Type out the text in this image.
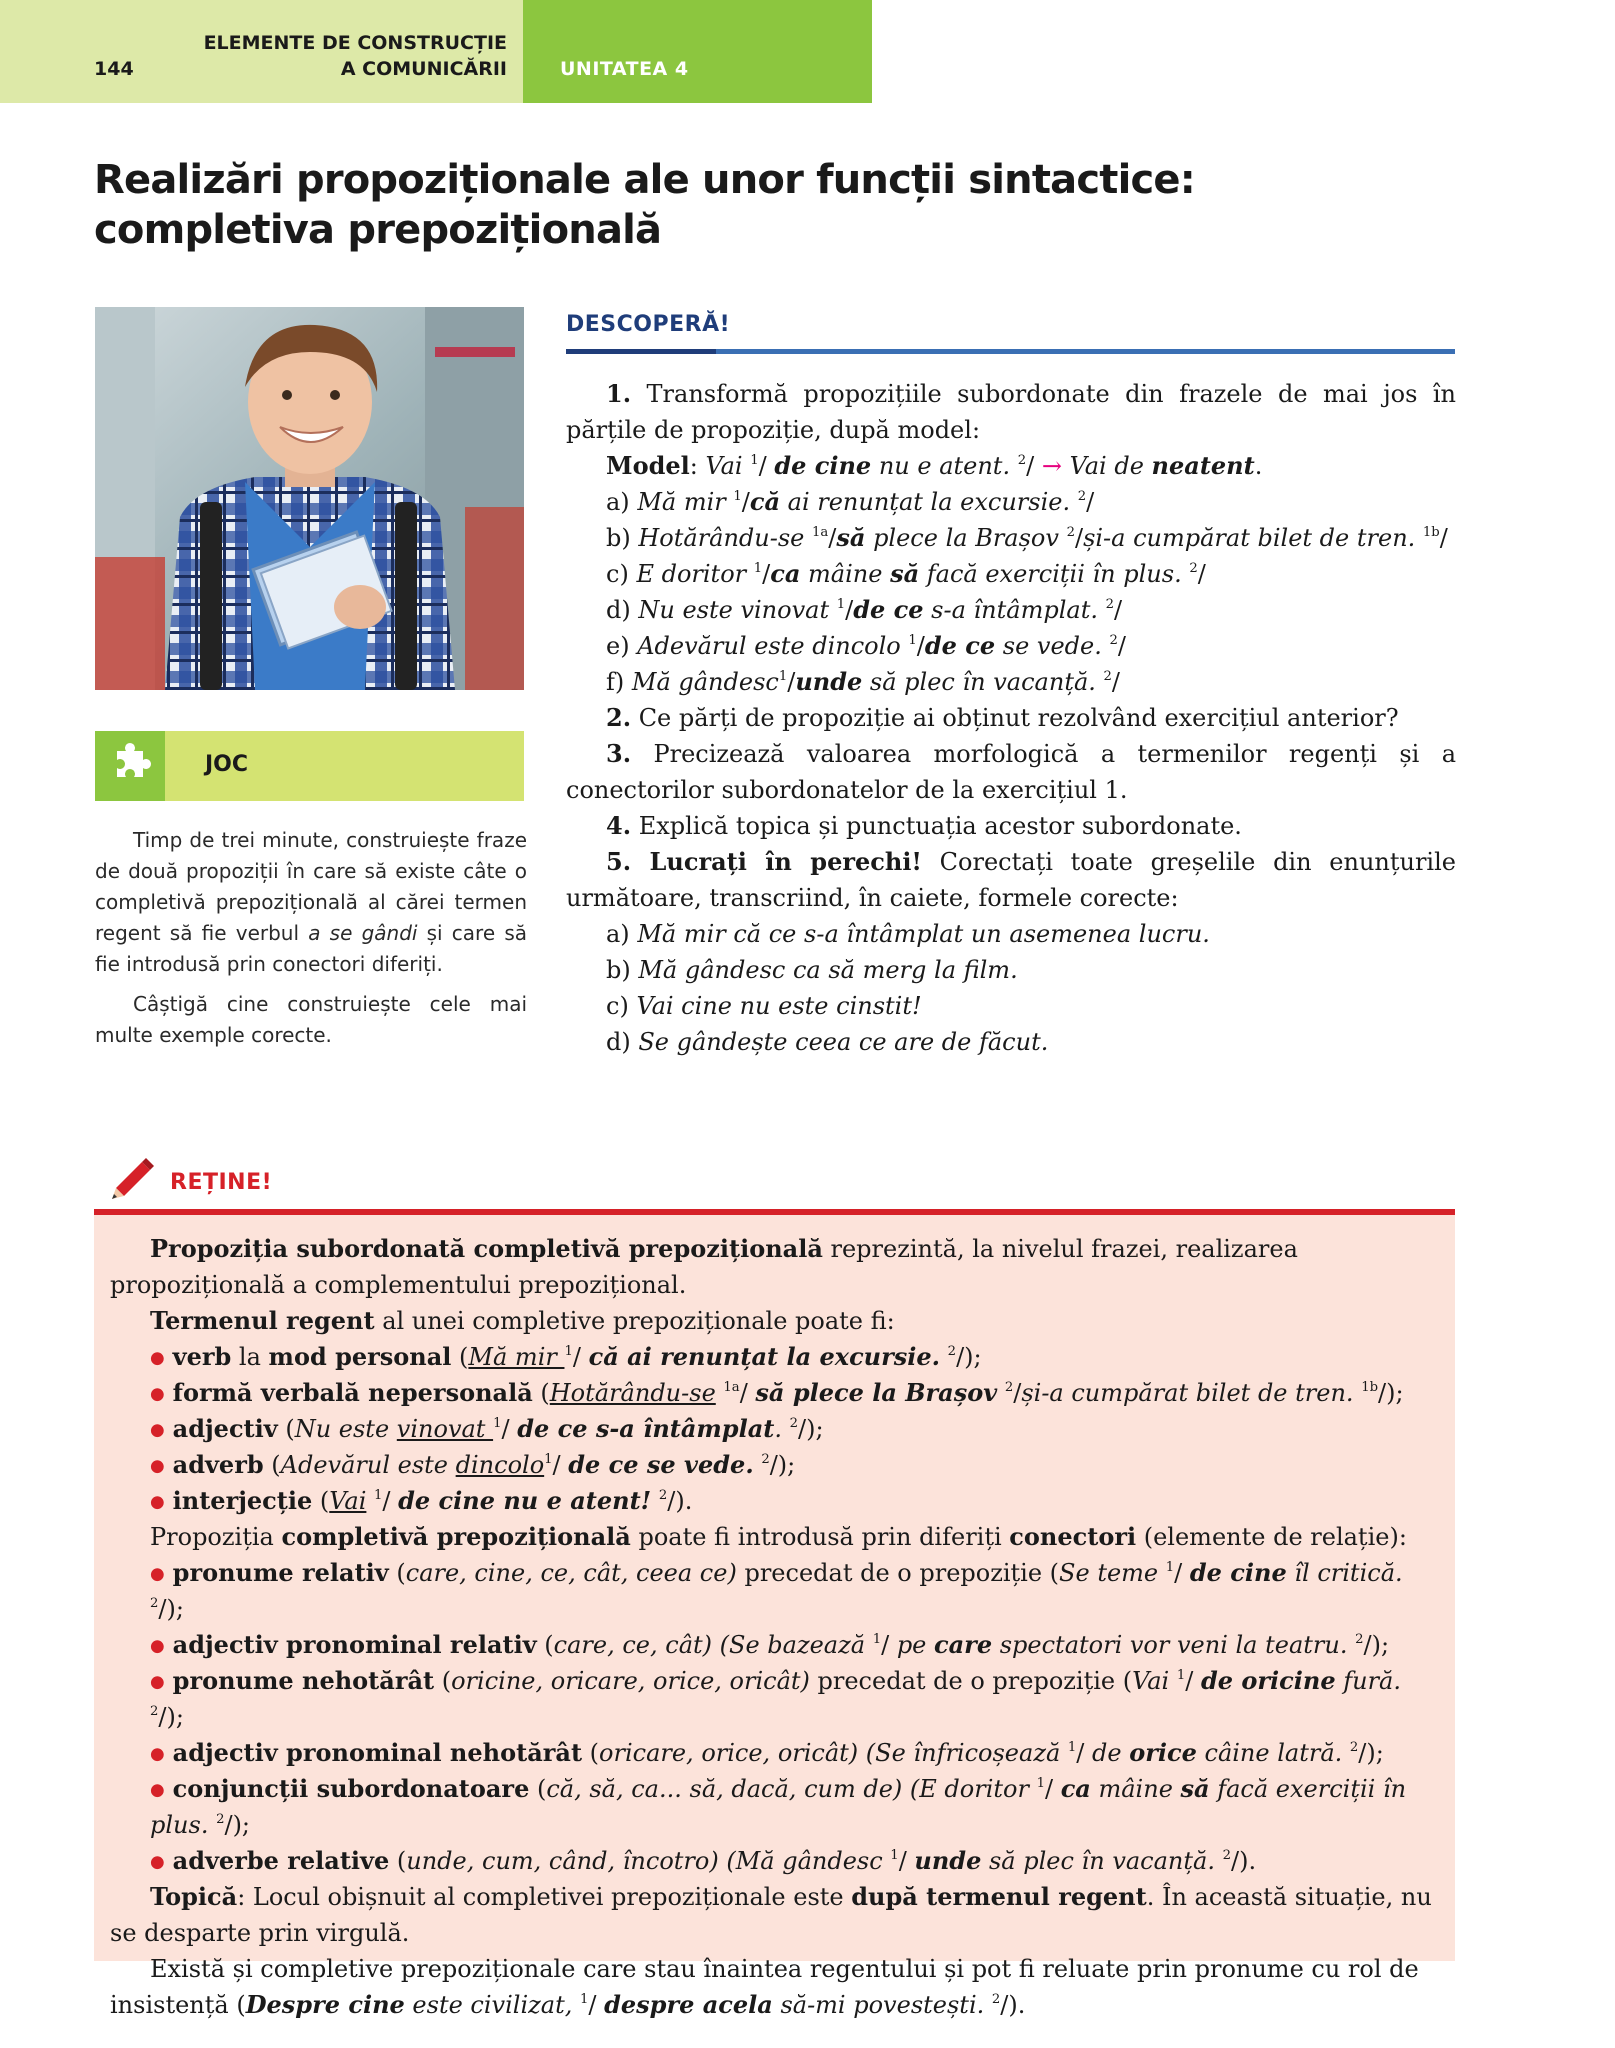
144
ELEMENTE DE CONSTRUCȚIE
A COMUNICĂRII	UNITATEA 4
Realizări propoziționale ale unor funcții sintactice:
completiva prepozițională
JOC
Timp de trei minute, construiește fraze de două propoziții în care să existe câte o completivă prepozițională al cărei termen regent să fie verbul a se gândi și care să fie introdusă prin conectori diferiți.
Câștigă cine construiește cele mai multe exemple corecte.
DESCOPERĂ!
1. Transformă propozițiile subordonate din frazele de mai jos în părțile de propoziție, după model:
Model: Vai $^1$/ de cine nu e atent. $^2$/ → Vai de neatent.
a) Mă mir $^1$/că ai renunțat la excursie. $^2$/
b) Hotărându-se $^{1a}$/să plece la Brașov $^2$/și-a cumpărat bilet de tren. $^{1b}$/
c) E doritor $^1$/ca mâine să facă exerciții în plus. $^2$/
d) Nu este vinovat $^1$/de ce s-a întâmplat. $^2$/
e) Adevărul este dincolo $^1$/de ce se vede. $^2$/
f) Mă gândesc$^1$/unde să plec în vacanță. $^2$/
2. Ce părți de propoziție ai obținut rezolvând exercițiul anterior?
3. Precizează valoarea morfologică a termenilor regenți și a conectorilor subordonatelor de la exercițiul 1.
4. Explică topica și punctuația acestor subordonate.
5. Lucrați în perechi! Corectați toate greșelile din enunțurile următoare, transcriind, în caiete, formele corecte:
a) Mă mir că ce s-a întâmplat un asemenea lucru.
b) Mă gândesc ca să merg la film.
c) Vai cine nu este cinstit!
d) Se gândește ceea ce are de făcut.
REȚINE!
Propoziția subordonată completivă prepozițională reprezintă, la nivelul frazei, realizarea propozițională a complementului prepozițional.
Termenul regent al unei completive prepoziționale poate fi:
● verb la mod personal (Mă mir $^1$/ că ai renunțat la excursie. $^2$/);
● formă verbală nepersonală (Hotărându-se $^{1a}$/ să plece la Brașov $^2$/și-a cumpărat bilet de tren. $^{1b}$/);
● adjectiv (Nu este vinovat $^1$/ de ce s-a întâmplat. $^2$/);
● adverb (Adevărul este dincolo$^1$/ de ce se vede. $^2$/);
● interjecție (Vai $^1$/ de cine nu e atent! $^2$/).
Propoziția completivă prepozițională poate fi introdusă prin diferiți conectori (elemente de relație):
● pronume relativ (care, cine, ce, cât, ceea ce) precedat de o prepoziție (Se teme $^1$/ de cine îl critică. $^2$/);
● adjectiv pronominal relativ (care, ce, cât) (Se bazează $^1$/ pe care spectatori vor veni la teatru. $^2$/);
● pronume nehotărât (oricine, oricare, orice, oricât) precedat de o prepoziție (Vai $^1$/ de oricine fură. $^2$/);
● adjectiv pronominal nehotărât (oricare, orice, oricât) (Se înfricoșează $^1$/ de orice câine latră. $^2$/);
● conjuncții subordonatoare (că, să, ca... să, dacă, cum de) (E doritor $^1$/ ca mâine să facă exerciții în plus. $^2$/);
● adverbe relative (unde, cum, când, încotro) (Mă gândesc $^1$/ unde să plec în vacanță. $^2$/).
Topică: Locul obișnuit al completivei prepoziționale este după termenul regent. În această situație, nu se desparte prin virgulă.
Există și completive prepoziționale care stau înaintea regentului și pot fi reluate prin pronume cu rol de insistență (Despre cine este civilizat, $^1$/ despre acela să-mi povestești. $^2$/).
